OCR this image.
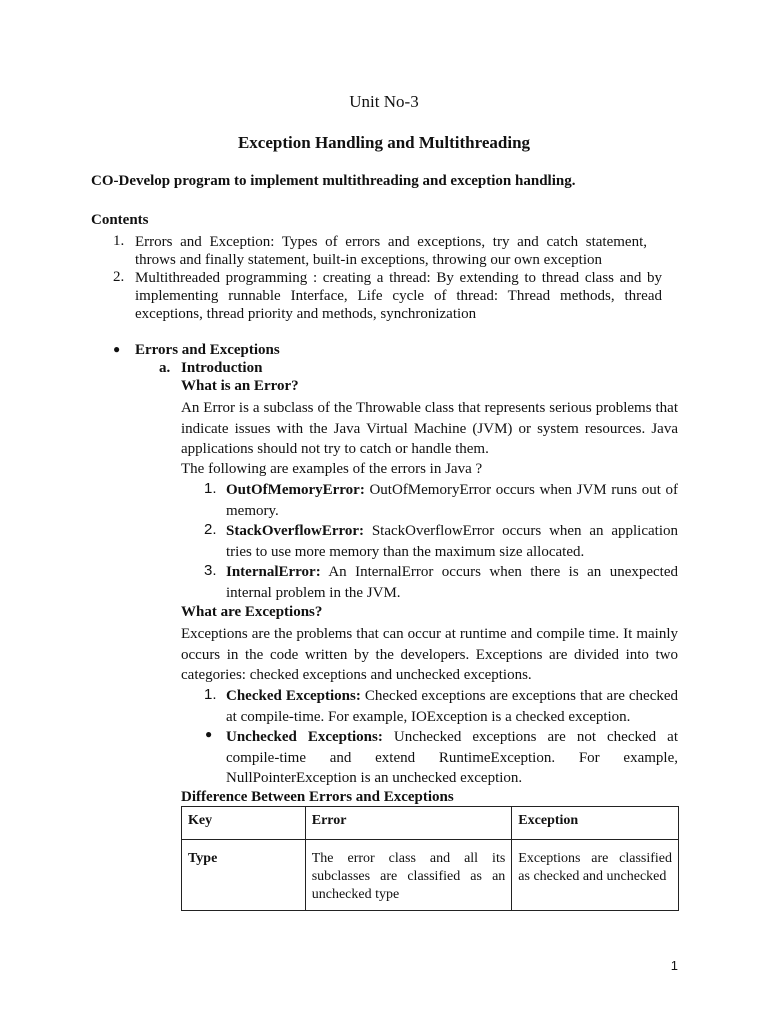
Unit No-3
Exception Handling and Multithreading
CO-Develop program to implement multithreading and exception handling.
Contents
1. Errors and Exception: Types of errors and exceptions, try and catch statement, throws and finally statement, built-in exceptions, throwing our own exception
2. Multithreaded programming : creating a thread: By extending to thread class and by implementing runnable Interface, Life cycle of thread: Thread methods, thread exceptions, thread priority and methods, synchronization
● Errors and Exceptions
a. Introduction
What is an Error?
An Error is a subclass of the Throwable class that represents serious problems that indicate issues with the Java Virtual Machine (JVM) or system resources. Java applications should not try to catch or handle them.
The following are examples of the errors in Java ?
1. OutOfMemoryError: OutOfMemoryError occurs when JVM runs out of memory.
2. StackOverflowError: StackOverflowError occurs when an application tries to use more memory than the maximum size allocated.
3. InternalError: An InternalError occurs when there is an unexpected internal problem in the JVM.
What are Exceptions?
Exceptions are the problems that can occur at runtime and compile time. It mainly occurs in the code written by the developers. Exceptions are divided into two categories: checked exceptions and unchecked exceptions.
1. Checked Exceptions: Checked exceptions are exceptions that are checked at compile-time. For example, IOException is a checked exception.
● Unchecked Exceptions: Unchecked exceptions are not checked at compile-time and extend RuntimeException. For example, NullPointerException is an unchecked exception.
Difference Between Errors and Exceptions
Key	Error	Exception
Type	The error class and all its subclasses are classified as an unchecked type	Exceptions are classified as checked and unchecked
1
